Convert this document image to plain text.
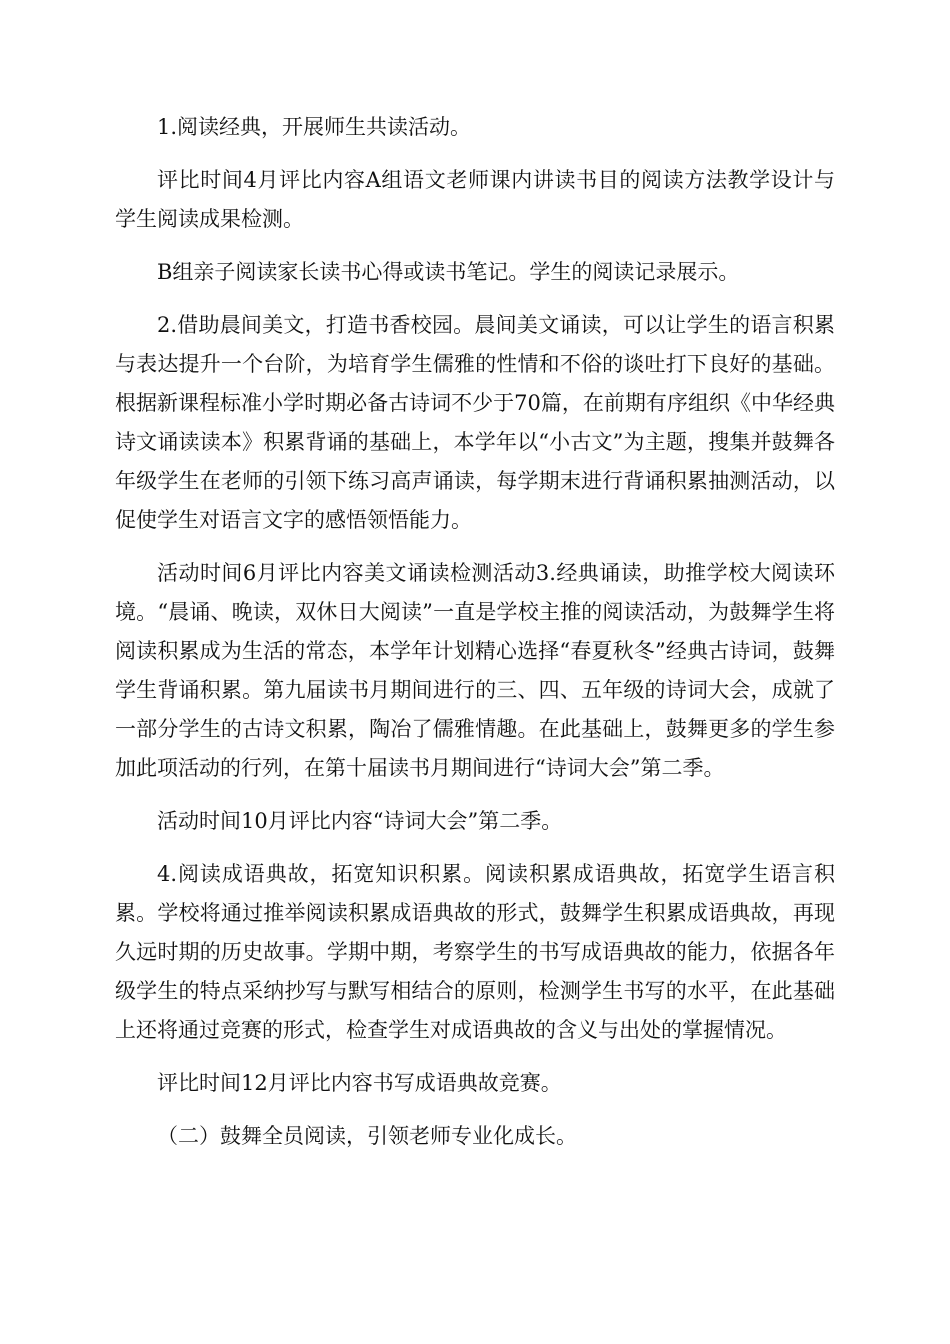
1.阅读经典，开展师生共读活动。

评比时间4月评比内容A组语文老师课内讲读书目的阅读方法教学设计与学生阅读成果检测。

B组亲子阅读家长读书心得或读书笔记。学生的阅读记录展示。

2.借助晨间美文，打造书香校园。晨间美文诵读，可以让学生的语言积累与表达提升一个台阶，为培育学生儒雅的性情和不俗的谈吐打下良好的基础。根据新课程标准小学时期必备古诗词不少于70篇，在前期有序组织《中华经典诗文诵读读本》积累背诵的基础上，本学年以“小古文”为主题，搜集并鼓舞各年级学生在老师的引领下练习高声诵读，每学期末进行背诵积累抽测活动，以促使学生对语言文字的感悟领悟能力。

活动时间6月评比内容美文诵读检测活动3.经典诵读，助推学校大阅读环境。“晨诵、晚读，双休日大阅读”一直是学校主推的阅读活动，为鼓舞学生将阅读积累成为生活的常态，本学年计划精心选择“春夏秋冬”经典古诗词，鼓舞学生背诵积累。第九届读书月期间进行的三、四、五年级的诗词大会，成就了一部分学生的古诗文积累，陶冶了儒雅情趣。在此基础上，鼓舞更多的学生参加此项活动的行列，在第十届读书月期间进行“诗词大会”第二季。

活动时间10月评比内容“诗词大会”第二季。

4.阅读成语典故，拓宽知识积累。阅读积累成语典故，拓宽学生语言积累。学校将通过推举阅读积累成语典故的形式，鼓舞学生积累成语典故，再现久远时期的历史故事。学期中期，考察学生的书写成语典故的能力，依据各年级学生的特点采纳抄写与默写相结合的原则，检测学生书写的水平，在此基础上还将通过竞赛的形式，检查学生对成语典故的含义与出处的掌握情况。

评比时间12月评比内容书写成语典故竞赛。

（二）鼓舞全员阅读，引领老师专业化成长。
